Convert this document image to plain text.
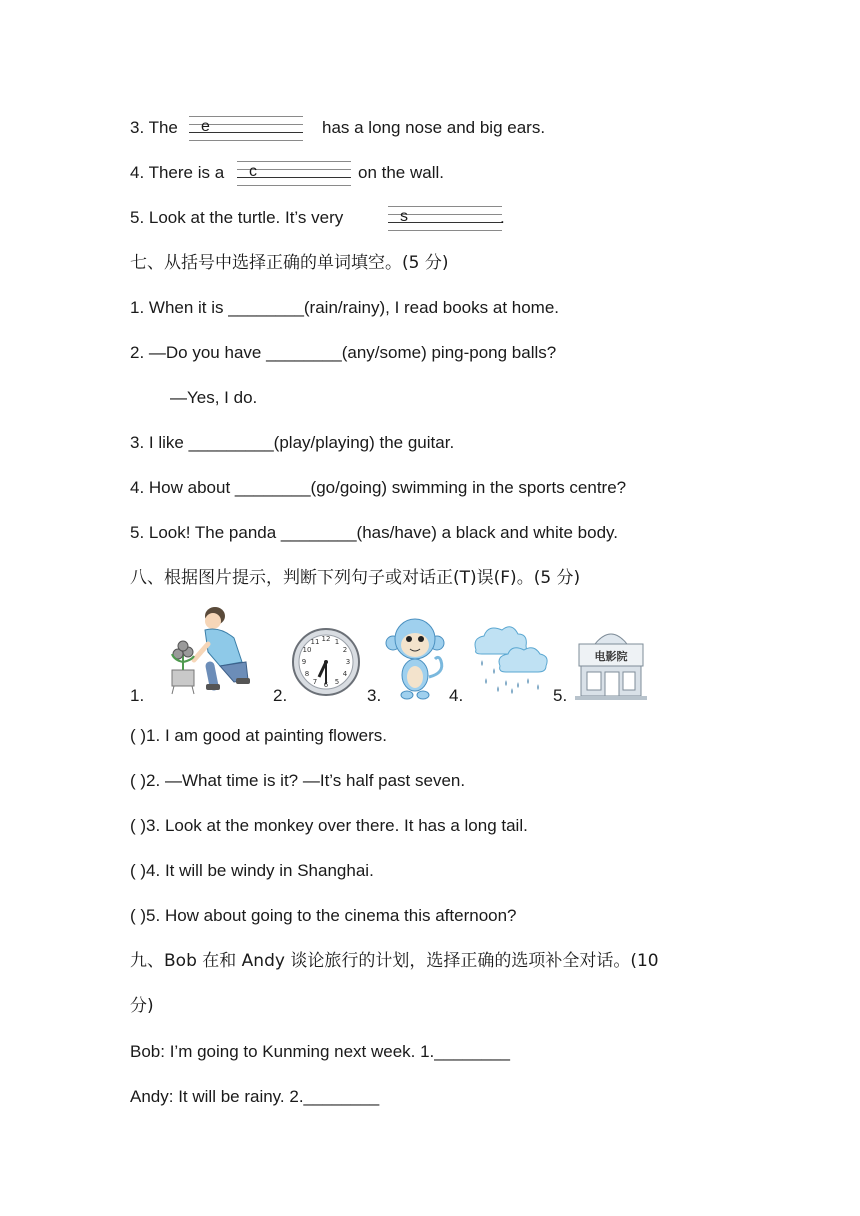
3. The e	has a long nose and big ears.
4. There is a c	on the wall.
5. Look at the turtle. It’s very	s	.
七、从括号中选择正确的单词填空。(5 分)
1. When it is ________(rain/rainy), I read books at home.
2. —Do you have ________(any/some) ping-pong balls?
—Yes, I do.
3. I like _________(play/playing) the guitar.
4. How about ________(go/going) swimming in the sports centre?
5. Look! The panda ________(has/have) a black and white body.
八、根据图片提示，判断下列句子或对话正(T)误(F)。(5 分)
1.	2.	3.	4.	5.
12 1
2
3
4
5
6
7
8
9
10
11
电影院
( )1. I am good at painting flowers.
( )2. —What time is it? —It’s half past seven.
( )3. Look at the monkey over there. It has a long tail.
( )4. It will be windy in Shanghai.
( )5. How about going to the cinema this afternoon?
九、Bob 在和 Andy 谈论旅行的计划，选择正确的选项补全对话。(10
分)
Bob: I’m going to Kunming next week. 1.________
Andy: It will be rainy. 2.________
